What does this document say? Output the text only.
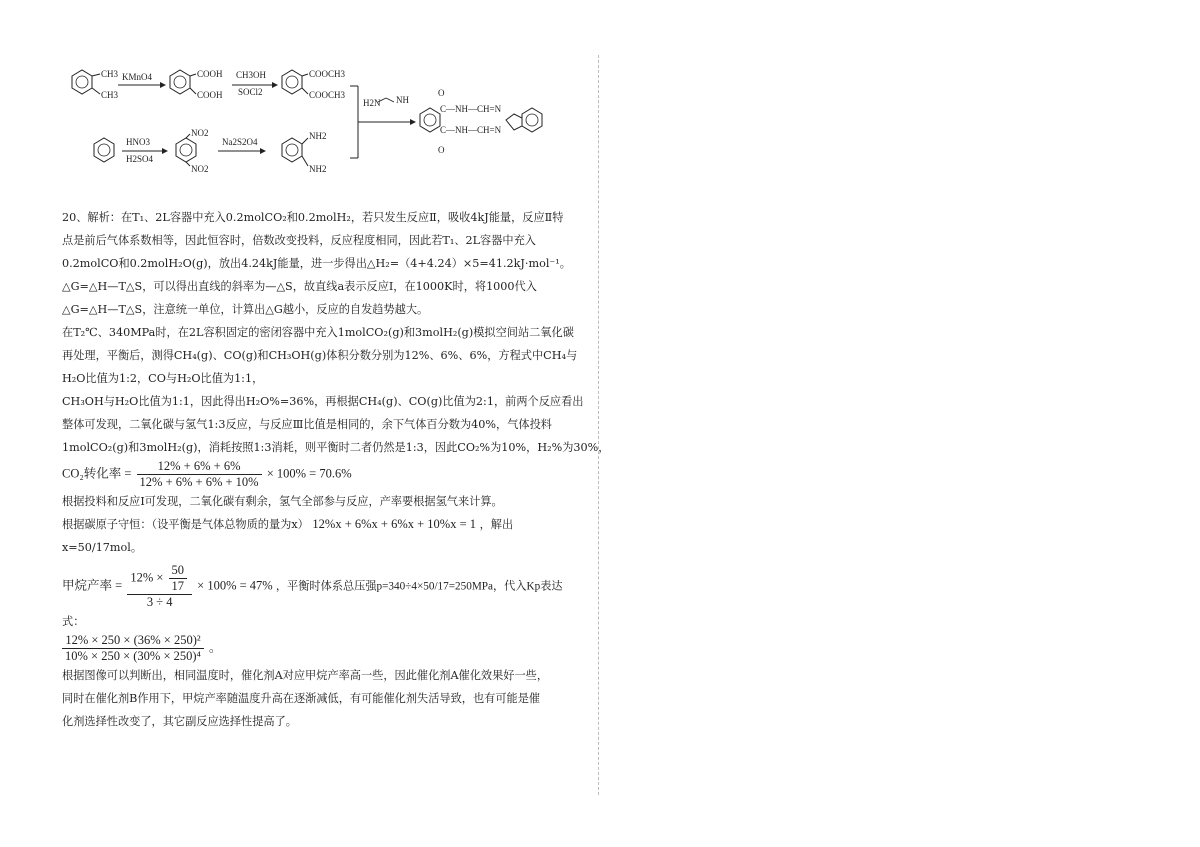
CH3
CH3
KMnO4	COOH
COOH
CH3OH
SOCl2
COOCH3
COOCH3
HNO3
H2SO4
NO2
NO2
Na2S2O4
NH2
NH2
H2N NH
O
O
C—NH—CH=N
C—NH—CH=N

20、解析：在T₁、2L容器中充入0.2molCO₂和0.2molH₂，若只发生反应Ⅱ，吸收4kJ能量，反应Ⅱ特

点是前后气体系数相等，因此恒容时，倍数改变投料，反应程度相同，因此若T₁、2L容器中充入

0.2molCO和0.2molH₂O(g)，放出4.24kJ能量，进一步得出△H₂=（4+4.24）×5=41.2kJ·mol⁻¹。

△G=△H—T△S，可以得出直线的斜率为—△S，故直线a表示反应I，在1000K时，将1000代入

△G=△H—T△S，注意统一单位，计算出△G越小，反应的自发趋势越大。

在T₂℃、340MPa时，在2L容积固定的密闭容器中充入1molCO₂(g)和3molH₂(g)模拟空间站二氧化碳

再处理，平衡后，测得CH₄(g)、CO(g)和CH₃OH(g)体积分数分别为12%、6%、6%，方程式中CH₄与

H₂O比值为1:2，CO与H₂O比值为1:1，

CH₃OH与H₂O比值为1:1，因此得出H₂O%=36%，再根据CH₄(g)、CO(g)比值为2:1，前两个反应看出

整体可发现，二氧化碳与氢气1:3反应，与反应Ⅲ比值是相同的，余下气体百分数为40%，气体投料

1molCO₂(g)和3molH₂(g)，消耗按照1:3消耗，则平衡时二者仍然是1:3，因此CO₂%为10%，H₂%为30%，

CO₂转化率 = $\frac{12\% + 6\% + 6\%}{12\% + 6\% + 6\% + 10\%} \times 100\% = 70.6\%$

根据投料和反应I可发现，二氧化碳有剩余，氢气全部参与反应，产率要根据氢气来计算。

根据碳原子守恒：（设平衡是气体总物质的量为x） 12%x + 6%x + 6%x + 10%x = 1 ，解出

x=50/17mol。

甲烷产率 = $\frac{12\% \times \frac{50}{17}}{3 \div 4} \times 100\% = 47\%$ ，平衡时体系总压强p=340÷4×50/17=250MPa，代入Kp表达

式：

$\frac{\text{12\% × 250 × (36\% × 250)²}}{\text{10\% × 250 × (30\% × 250)⁴}}$ 。

根据图像可以判断出，相同温度时，催化剂A对应甲烷产率高一些，因此催化剂A催化效果好一些，

同时在催化剂B作用下，甲烷产率随温度升高在逐渐减低，有可能催化剂失活导致，也有可能是催

化剂选择性改变了，其它副反应选择性提高了。
